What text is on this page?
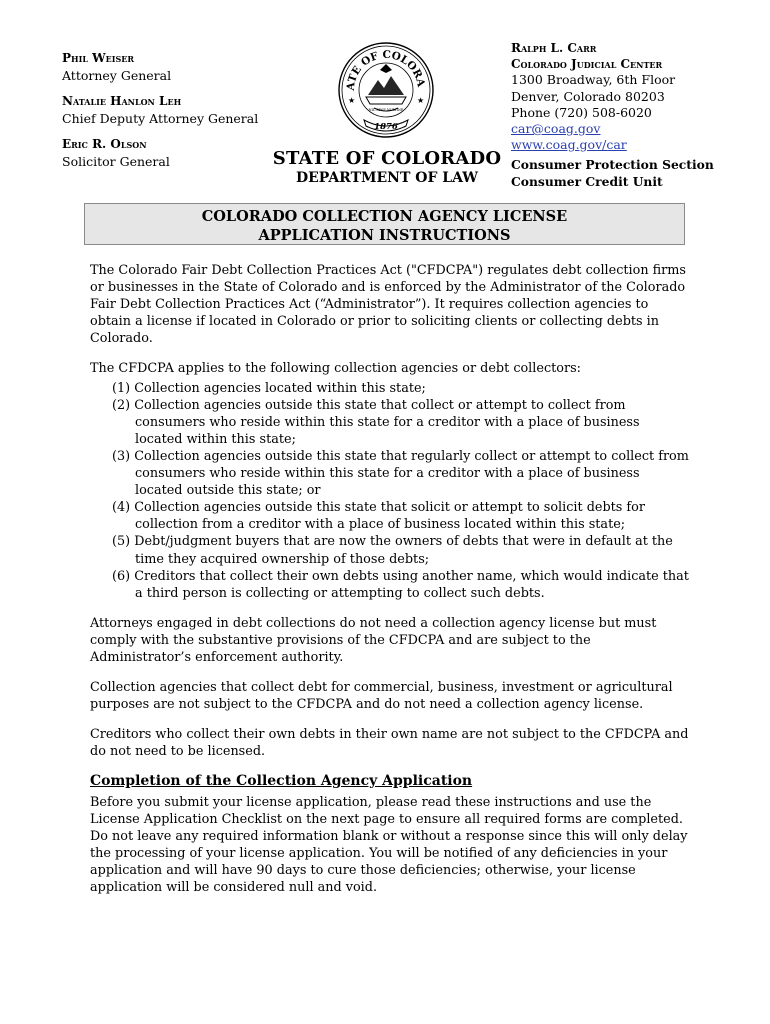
Phil Weiser
Attorney General
Natalie Hanlon Leh
Chief Deputy Attorney General
Eric R. Olson
Solicitor General
ATE OF COLORA
★	★
NIL SINE NUMINE
1876
STATE OF COLORADO
DEPARTMENT OF LAW
Ralph L. Carr
Colorado Judicial Center
1300 Broadway, 6th Floor
Denver, Colorado 80203
Phone (720) 508-6020
car@coag.gov
www.coag.gov/car
Consumer Protection Section
Consumer Credit Unit
COLORADO COLLECTION AGENCY LICENSE
APPLICATION INSTRUCTIONS

The Colorado Fair Debt Collection Practices Act ("CFDCPA") regulates debt collection firms or businesses in the State of Colorado and is enforced by the Administrator of the Colorado Fair Debt Collection Practices Act (“Administrator”). It requires collection agencies to obtain a license if located in Colorado or prior to soliciting clients or collecting debts in Colorado.

The CFDCPA applies to the following collection agencies or debt collectors:

(1) Collection agencies located within this state;
(2) Collection agencies outside this state that collect or attempt to collect from consumers who reside within this state for a creditor with a place of business located within this state;
(3) Collection agencies outside this state that regularly collect or attempt to collect from consumers who reside within this state for a creditor with a place of business located outside this state; or
(4) Collection agencies outside this state that solicit or attempt to solicit debts for collection from a creditor with a place of business located within this state;
(5) Debt/judgment buyers that are now the owners of debts that were in default at the time they acquired ownership of those debts;
(6) Creditors that collect their own debts using another name, which would indicate that a third person is collecting or attempting to collect such debts.

Attorneys engaged in debt collections do not need a collection agency license but must comply with the substantive provisions of the CFDCPA and are subject to the Administrator’s enforcement authority.

Collection agencies that collect debt for commercial, business, investment or agricultural purposes are not subject to the CFDCPA and do not need a collection agency license.

Creditors who collect their own debts in their own name are not subject to the CFDCPA and do not need to be licensed.

Completion of the Collection Agency Application

Before you submit your license application, please read these instructions and use the License Application Checklist on the next page to ensure all required forms are completed. Do not leave any required information blank or without a response since this will only delay the processing of your license application. You will be notified of any deficiencies in your application and will have 90 days to cure those deficiencies; otherwise, your license application will be considered null and void.
